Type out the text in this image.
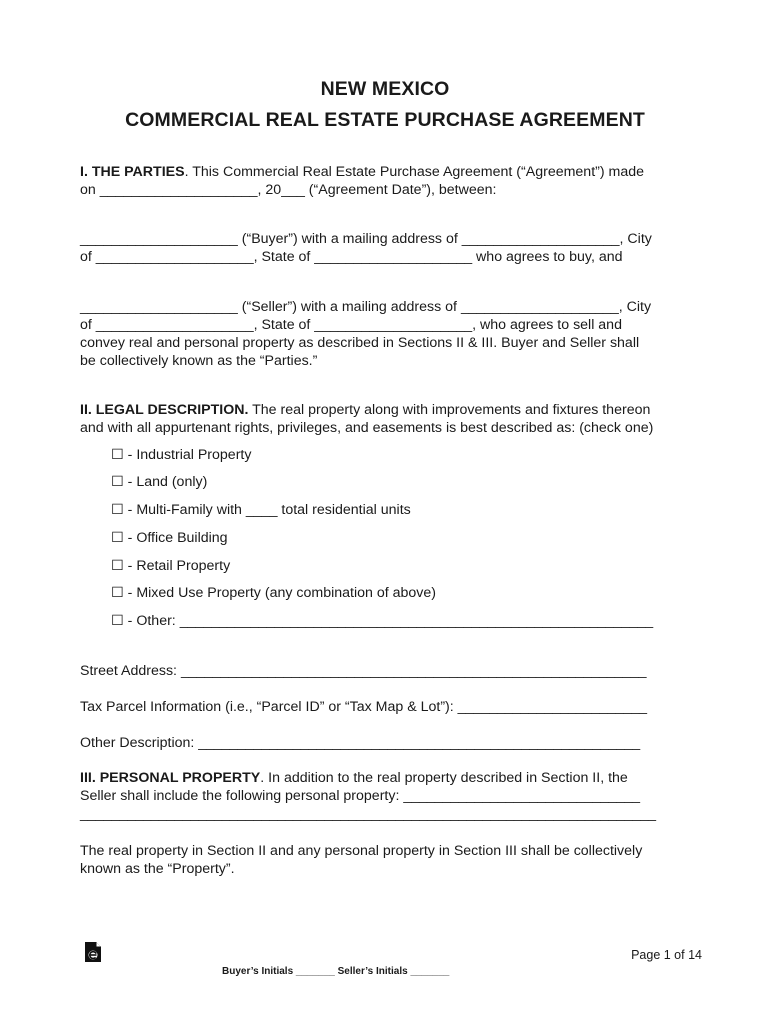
NEW MEXICO
COMMERCIAL REAL ESTATE PURCHASE AGREEMENT
I. THE PARTIES. This Commercial Real Estate Purchase Agreement (“Agreement”) made
on ____________________, 20___ (“Agreement Date”), between:
____________________ (“Buyer”) with a mailing address of ____________________, City
of ____________________, State of ____________________ who agrees to buy, and
____________________ (“Seller”) with a mailing address of ____________________, City
of ____________________, State of ____________________, who agrees to sell and
convey real and personal property as described in Sections II & III. Buyer and Seller shall
be collectively known as the “Parties.”
II. LEGAL DESCRIPTION. The real property along with improvements and fixtures thereon
and with all appurtenant rights, privileges, and easements is best described as: (check one)
☐ - Industrial Property
☐ - Land (only)
☐ - Multi-Family with ____ total residential units
☐ - Office Building
☐ - Retail Property
☐ - Mixed Use Property (any combination of above)
☐ - Other: ____________________________________________________________
Street Address: ___________________________________________________________
Tax Parcel Information (i.e., “Parcel ID” or “Tax Map & Lot”): ________________________
Other Description: ________________________________________________________
III. PERSONAL PROPERTY. In addition to the real property described in Section II, the
Seller shall include the following personal property: ______________________________
_________________________________________________________________________
The real property in Section II and any personal property in Section III shall be collectively
known as the “Property”.
Page 1 of 14
Buyer’s Initials _______ Seller’s Initials _______
